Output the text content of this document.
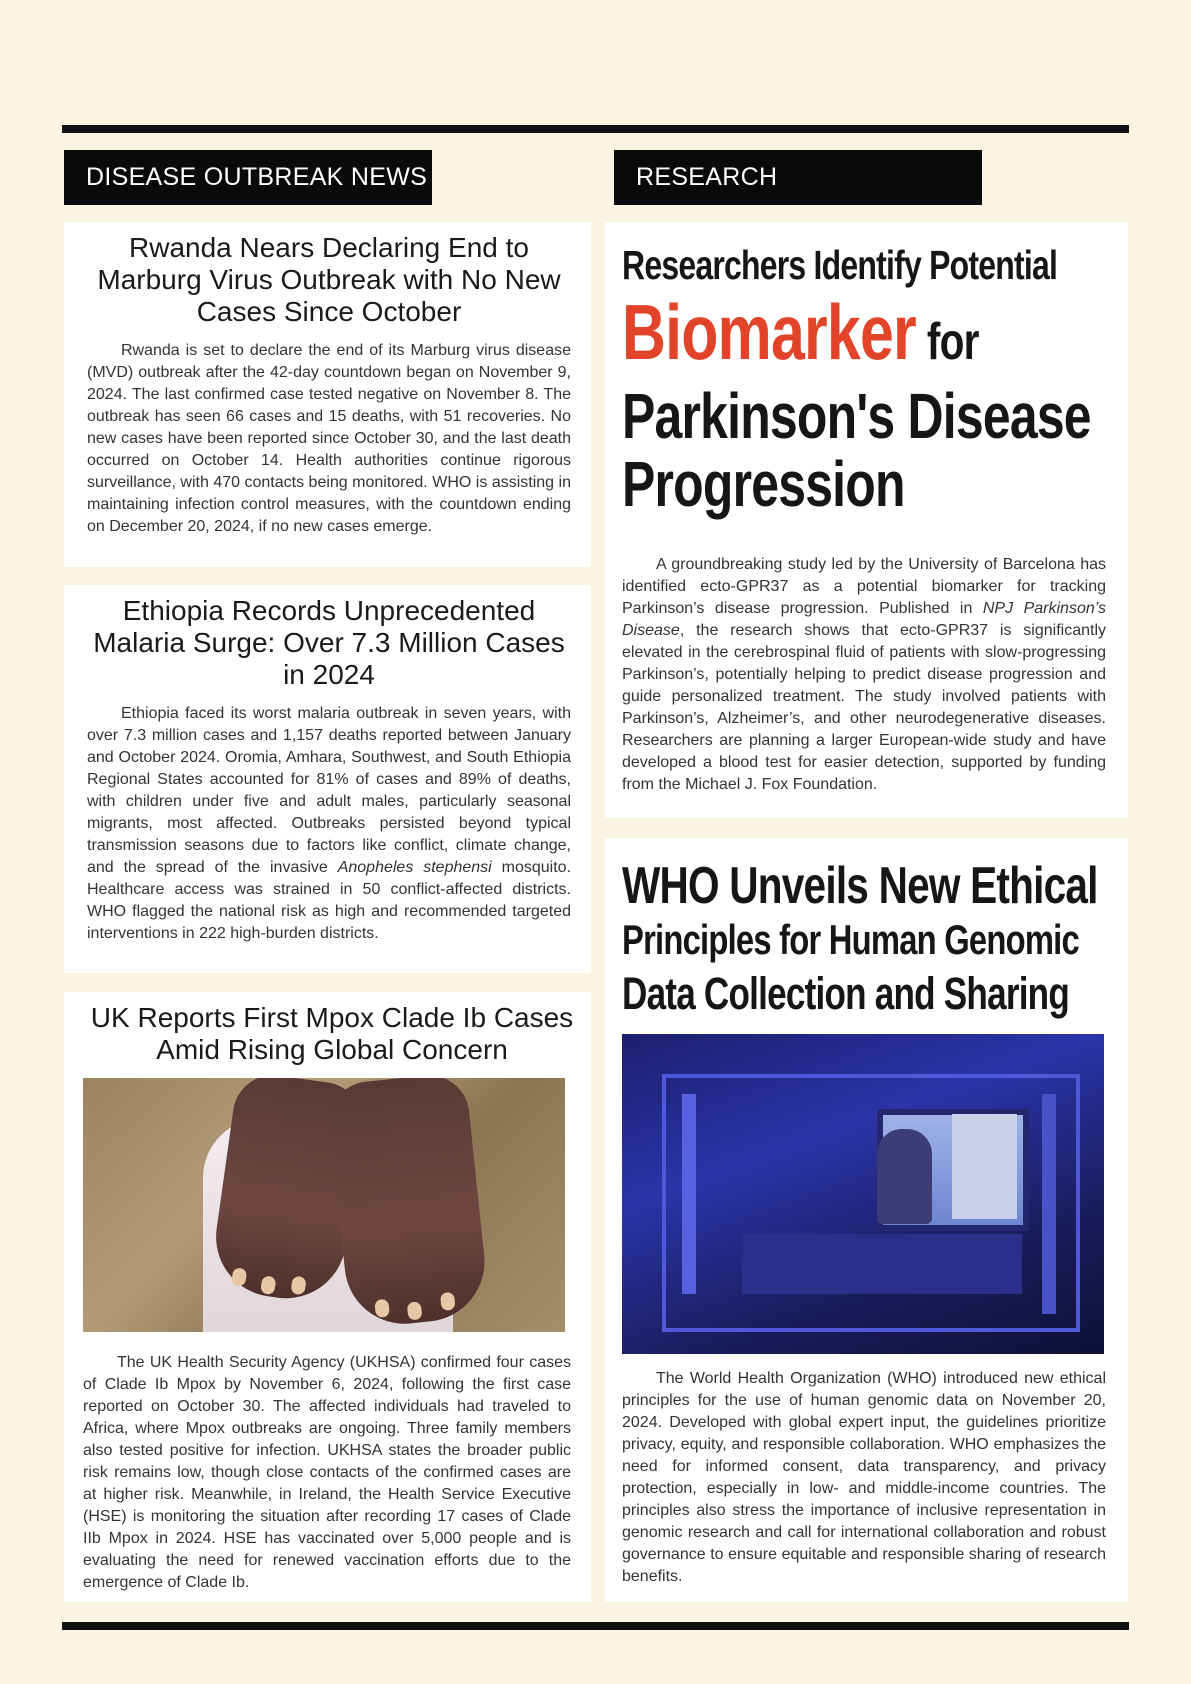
DISEASE OUTBREAK NEWS	RESEARCH
Rwanda Nears Declaring End to Marburg Virus Outbreak with No New Cases Since October

Rwanda is set to declare the end of its Marburg virus disease (MVD) outbreak after the 42-day countdown began on November 9, 2024. The last confirmed case tested negative on November 8. The outbreak has seen 66 cases and 15 deaths, with 51 recoveries. No new cases have been reported since October 30, and the last death occurred on October 14. Health authorities continue rigorous surveillance, with 470 contacts being monitored. WHO is assisting in maintaining infection control measures, with the countdown ending on December 20, 2024, if no new cases emerge.

Ethiopia Records Unprecedented Malaria Surge: Over 7.3 Million Cases in 2024

Ethiopia faced its worst malaria outbreak in seven years, with over 7.3 million cases and 1,157 deaths reported between January and October 2024. Oromia, Amhara, Southwest, and South Ethiopia Regional States accounted for 81% of cases and 89% of deaths, with children under five and adult males, particularly seasonal migrants, most affected. Outbreaks persisted beyond typical transmission seasons due to factors like conflict, climate change, and the spread of the invasive Anopheles stephensi mosquito. Healthcare access was strained in 50 conflict-affected districts. WHO flagged the national risk as high and recommended targeted interventions in 222 high-burden districts.

UK Reports First Mpox Clade Ib Cases Amid Rising Global Concern

The UK Health Security Agency (UKHSA) confirmed four cases of Clade Ib Mpox by November 6, 2024, following the first case reported on October 30. The affected individuals had traveled to Africa, where Mpox outbreaks are ongoing. Three family members also tested positive for infection. UKHSA states the broader public risk remains low, though close contacts of the confirmed cases are at higher risk. Meanwhile, in Ireland, the Health Service Executive (HSE) is monitoring the situation after recording 17 cases of Clade IIb Mpox in 2024. HSE has vaccinated over 5,000 people and is evaluating the need for renewed vaccination efforts due to the emergence of Clade Ib.

Researchers Identify Potential
Biomarker for
Parkinson's Disease
Progression

A groundbreaking study led by the University of Barcelona has identified ecto-GPR37 as a potential biomarker for tracking Parkinson’s disease progression. Published in NPJ Parkinson’s Disease, the research shows that ecto-GPR37 is significantly elevated in the cerebrospinal fluid of patients with slow-progressing Parkinson’s, potentially helping to predict disease progression and guide personalized treatment. The study involved patients with Parkinson’s, Alzheimer’s, and other neurodegenerative diseases. Researchers are planning a larger European-wide study and have developed a blood test for easier detection, supported by funding from the Michael J. Fox Foundation.

WHO Unveils New Ethical
Principles for Human Genomic
Data Collection and Sharing

The World Health Organization (WHO) introduced new ethical principles for the use of human genomic data on November 20, 2024. Developed with global expert input, the guidelines prioritize privacy, equity, and responsible collaboration. WHO emphasizes the need for informed consent, data transparency, and privacy protection, especially in low- and middle-income countries. The principles also stress the importance of inclusive representation in genomic research and call for international collaboration and robust governance to ensure equitable and responsible sharing of research benefits.
